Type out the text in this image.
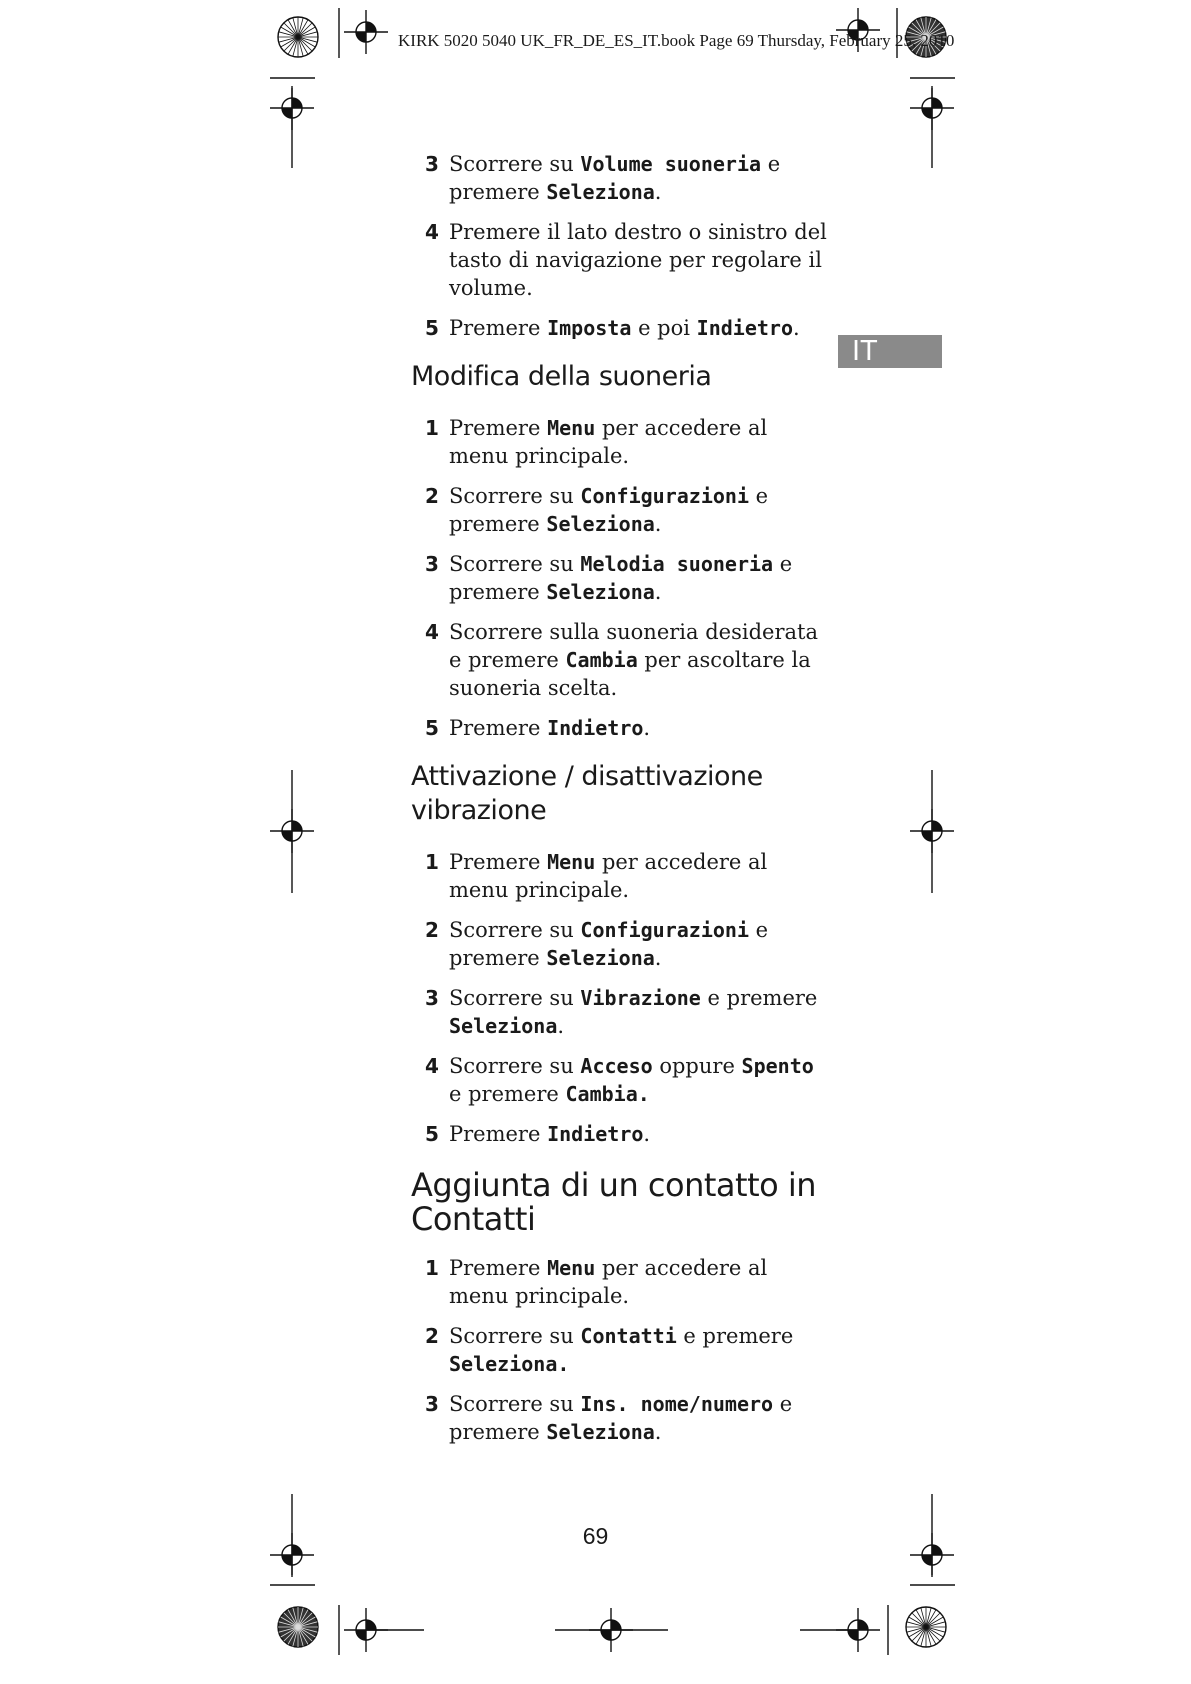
KIRK 5020 5040 UK_FR_DE_ES_IT.book Page 69 Thursday, February 25, 2010
IT
3 Scorrere su Volume suoneria e premere Seleziona.
4 Premere il lato destro o sinistro del tasto di navigazione per regolare il volume.
5 Premere Imposta e poi Indietro.
Modifica della suoneria
1 Premere Menu per accedere al menu principale.
2 Scorrere su Configurazioni e premere Seleziona.
3 Scorrere su Melodia suoneria e premere Seleziona.
4 Scorrere sulla suoneria desiderata e premere Cambia per ascoltare la suoneria scelta.
5 Premere Indietro.
Attivazione / disattivazione vibrazione
1 Premere Menu per accedere al menu principale.
2 Scorrere su Configurazioni e premere Seleziona.
3 Scorrere su Vibrazione e premere Seleziona.
4 Scorrere su Acceso oppure Spento e premere Cambia.
5 Premere Indietro.
Aggiunta di un contatto in Contatti
1 Premere Menu per accedere al menu principale.
2 Scorrere su Contatti e premere Seleziona.
3 Scorrere su Ins. nome/numero e premere Seleziona.
69
